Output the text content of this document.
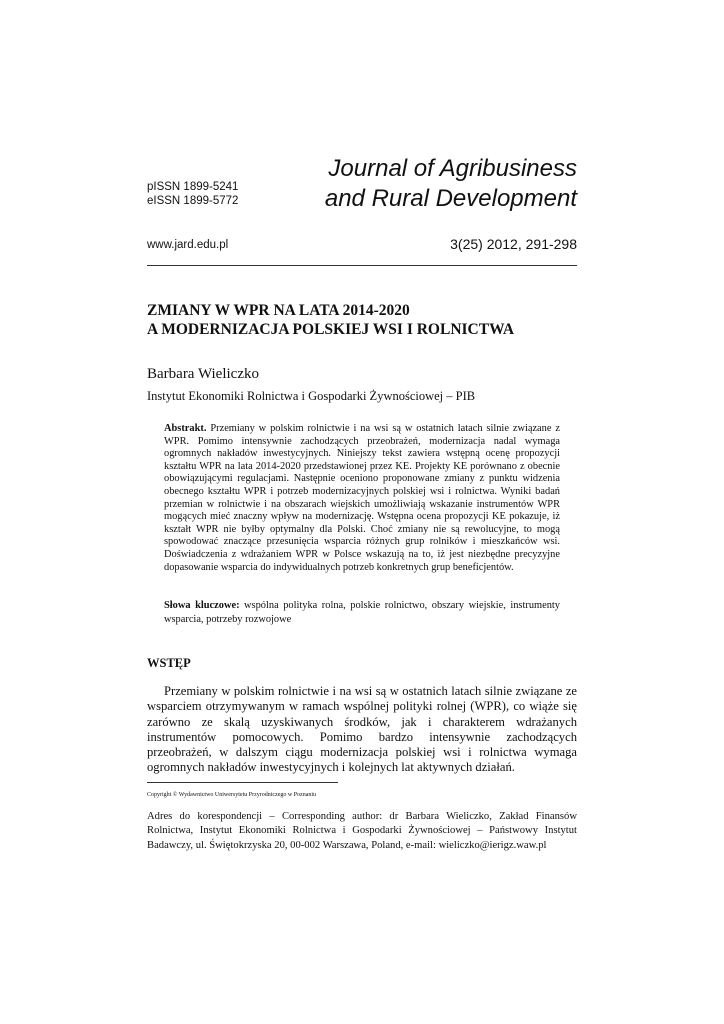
pISSN 1899-5241
eISSN 1899-5772
Journal of Agribusiness
and Rural Development
www.jard.edu.pl	3(25) 2012, 291-298
ZMIANY W WPR NA LATA 2014-2020
A MODERNIZACJA POLSKIEJ WSI I ROLNICTWA
Barbara Wieliczko
Instytut Ekonomiki Rolnictwa i Gospodarki Żywnościowej – PIB

Abstrakt. Przemiany w polskim rolnictwie i na wsi są w ostatnich latach silnie związane z WPR. Pomimo intensywnie zachodzących przeobrażeń, modernizacja nadal wymaga ogromnych nakładów inwestycyjnych. Niniejszy tekst zawiera wstępną ocenę propozycji kształtu WPR na lata 2014-2020 przedstawionej przez KE. Projekty KE porównano z obecnie obowiązującymi regulacjami. Następnie oceniono proponowane zmiany z punktu widzenia obecnego kształtu WPR i potrzeb modernizacyjnych polskiej wsi i rolnictwa. Wyniki badań przemian w rolnictwie i na obszarach wiejskich umożliwiają wskazanie instrumentów WPR mogących mieć znaczny wpływ na modernizację. Wstępna ocena propozycji KE pokazuje, iż kształt WPR nie byłby optymalny dla Polski. Choć zmiany nie są rewolucyjne, to mogą spowodować znaczące przesunięcia wsparcia różnych grup rolników i mieszkańców wsi. Doświadczenia z wdrażaniem WPR w Polsce wskazują na to, iż jest niezbędne precyzyjne dopasowanie wsparcia do indywidualnych potrzeb konkretnych grup beneficjentów.

Słowa kluczowe: wspólna polityka rolna, polskie rolnictwo, obszary wiejskie, instrumenty wsparcia, potrzeby rozwojowe

WSTĘP

Przemiany w polskim rolnictwie i na wsi są w ostatnich latach silnie związane ze wsparciem otrzymywanym w ramach wspólnej polityki rolnej (WPR), co wiąże się zarówno ze skalą uzyskiwanych środków, jak i charakterem wdrażanych instrumentów pomocowych. Pomimo bardzo intensywnie zachodzących przeobrażeń, w dalszym ciągu modernizacja polskiej wsi i rolnictwa wymaga ogromnych nakładów inwestycyjnych i kolejnych lat aktywnych działań.

Copyright © Wydawnictwo Uniwersytetu Przyrodniczego w Poznaniu

Adres do korespondencji – Corresponding author: dr Barbara Wieliczko, Zakład Finansów Rolnictwa, Instytut Ekonomiki Rolnictwa i Gospodarki Żywnościowej – Państwowy Instytut Badawczy, ul. Świętokrzyska 20, 00-002 Warszawa, Poland, e-mail: wieliczko@ierigz.waw.pl
